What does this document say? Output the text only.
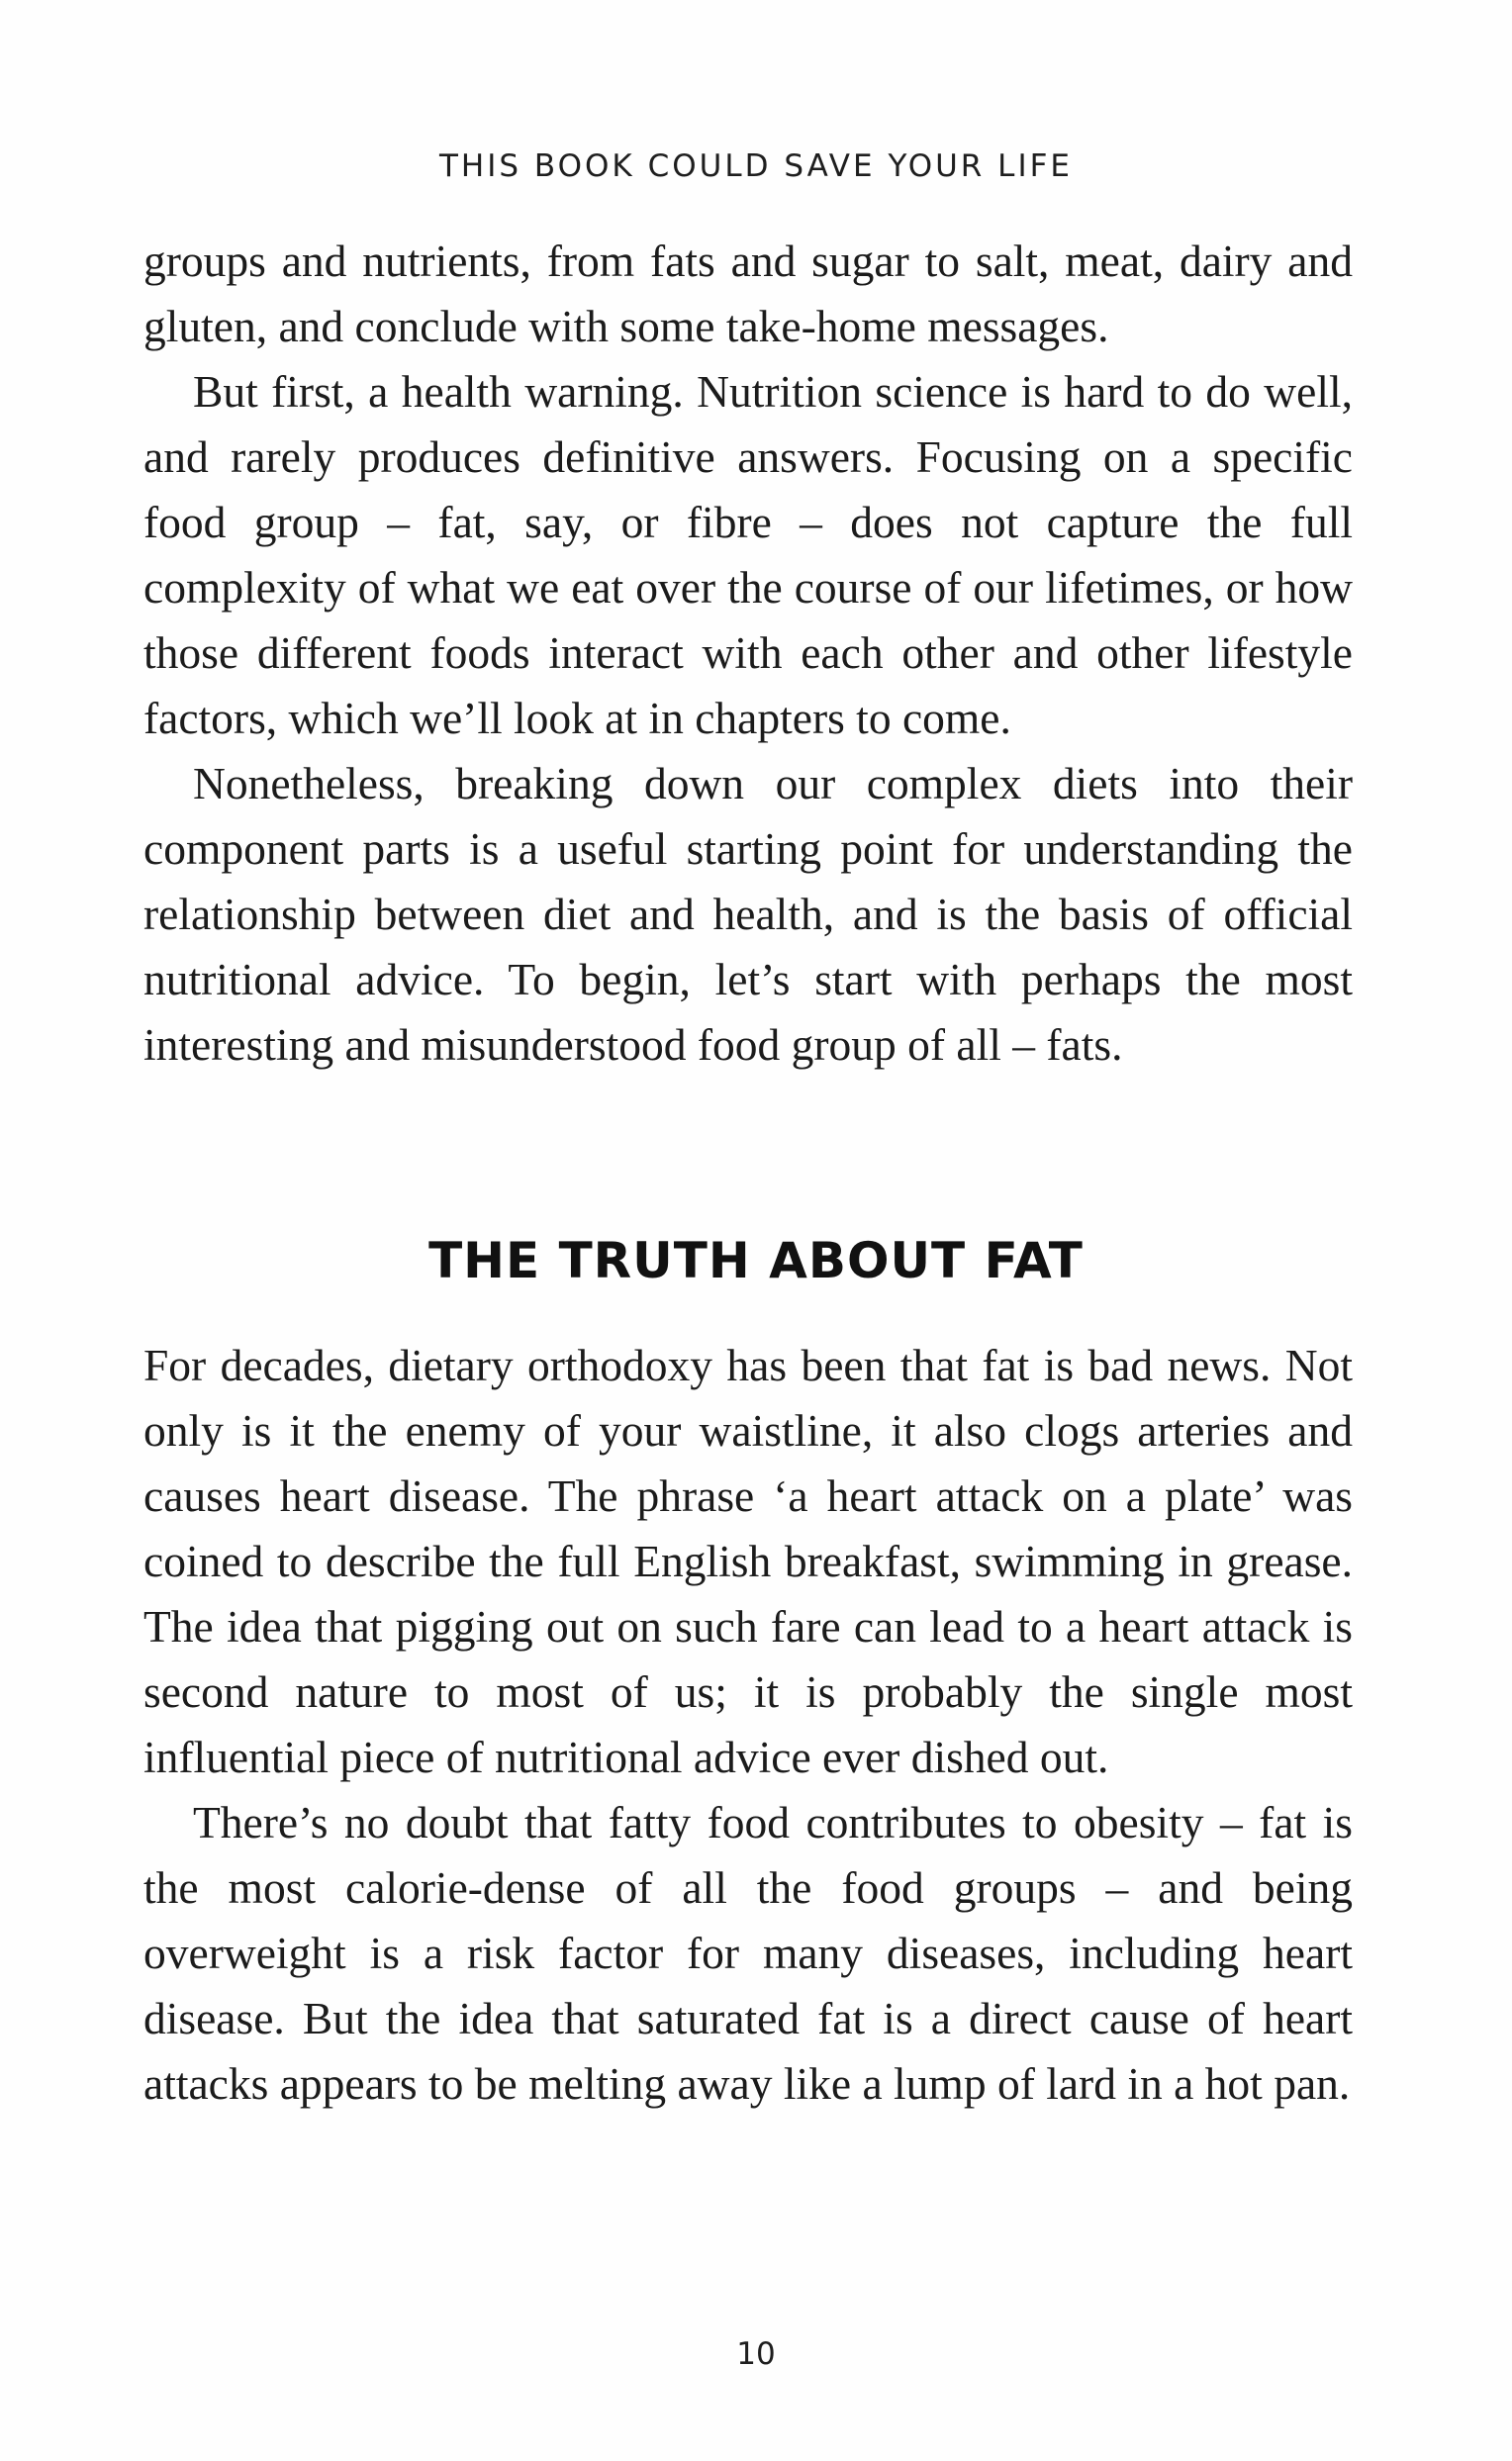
THIS BOOK COULD SAVE YOUR LIFE

groups and nutrients, from fats and sugar to salt, meat, dairy and gluten, and conclude with some take-home messages.

But first, a health warning. Nutrition science is hard to do well, and rarely produces definitive answers. Focusing on a specific food group – fat, say, or fibre – does not capture the full complexity of what we eat over the course of our lifetimes, or how those different foods interact with each other and other lifestyle factors, which we’ll look at in chapters to come.

Nonetheless, breaking down our complex diets into their component parts is a useful starting point for understanding the relationship between diet and health, and is the basis of official nutritional advice. To begin, let’s start with perhaps the most interesting and misunderstood food group of all – fats.

THE TRUTH ABOUT FAT

For decades, dietary orthodoxy has been that fat is bad news. Not only is it the enemy of your waistline, it also clogs arteries and causes heart disease. The phrase ‘a heart attack on a plate’ was coined to describe the full English breakfast, swimming in grease. The idea that pigging out on such fare can lead to a heart attack is second nature to most of us; it is probably the single most influential piece of nutritional advice ever dished out.

There’s no doubt that fatty food contributes to obesity – fat is the most calorie-dense of all the food groups – and being overweight is a risk factor for many diseases, including heart disease. But the idea that saturated fat is a direct cause of heart attacks appears to be melting away like a lump of lard in a hot pan.

10
